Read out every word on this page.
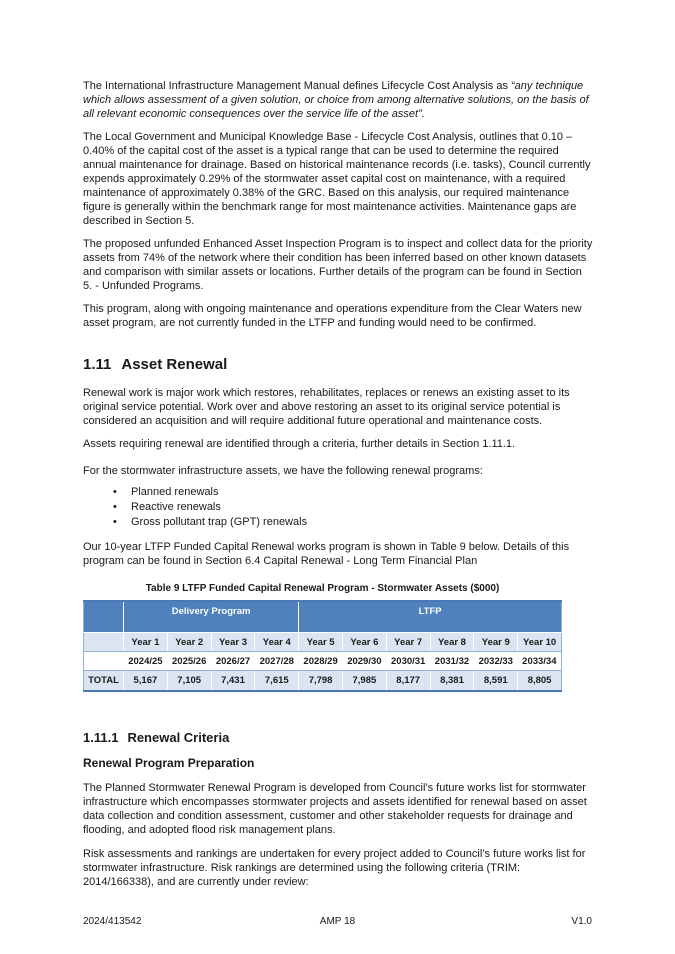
The International Infrastructure Management Manual defines Lifecycle Cost Analysis as “any technique which allows assessment of a given solution, or choice from among alternative solutions, on the basis of all relevant economic consequences over the service life of the asset”.

The Local Government and Municipal Knowledge Base - Lifecycle Cost Analysis, outlines that 0.10 – 0.40% of the capital cost of the asset is a typical range that can be used to determine the required annual maintenance for drainage. Based on historical maintenance records (i.e. tasks), Council currently expends approximately 0.29% of the stormwater asset capital cost on maintenance, with a required maintenance of approximately 0.38% of the GRC. Based on this analysis, our required maintenance figure is generally within the benchmark range for most maintenance activities. Maintenance gaps are described in Section 5.

The proposed unfunded Enhanced Asset Inspection Program is to inspect and collect data for the priority assets from 74% of the network where their condition has been inferred based on other known datasets and comparison with similar assets or locations. Further details of the program can be found in Section 5. - Unfunded Programs.

This program, along with ongoing maintenance and operations expenditure from the Clear Waters new asset program, are not currently funded in the LTFP and funding would need to be confirmed.

1.11 Asset Renewal

Renewal work is major work which restores, rehabilitates, replaces or renews an existing asset to its original service potential. Work over and above restoring an asset to its original service potential is considered an acquisition and will require additional future operational and maintenance costs.

Assets requiring renewal are identified through a criteria, further details in Section 1.11.1.

For the stormwater infrastructure assets, we have the following renewal programs:

• Planned renewals
• Reactive renewals
• Gross pollutant trap (GPT) renewals

Our 10-year LTFP Funded Capital Renewal works program is shown in Table 9 below. Details of this program can be found in Section 6.4 Capital Renewal - Long Term Financial Plan

Table 9 LTFP Funded Capital Renewal Program - Stormwater Assets ($000)
	Delivery Program				LTFP					
	Year 1	Year 2	Year 3	Year 4	Year 5	Year 6	Year 7	Year 8	Year 9	Year 10
	2024/25	2025/26	2026/27	2027/28	2028/29	2029/30	2030/31	2031/32	2032/33	2033/34
TOTAL	5,167	7,105	7,431	7,615	7,798	7,985	8,177	8,381	8,591	8,805
1.11.1 Renewal Criteria
Renewal Program Preparation

The Planned Stormwater Renewal Program is developed from Council’s future works list for stormwater infrastructure which encompasses stormwater projects and assets identified for renewal based on asset data collection and condition assessment, customer and other stakeholder requests for drainage and flooding, and adopted flood risk management plans.

Risk assessments and rankings are undertaken for every project added to Council’s future works list for stormwater infrastructure. Risk rankings are determined using the following criteria (TRIM: 2014/166338), and are currently under review:

2024/413542	AMP 18	V1.0
